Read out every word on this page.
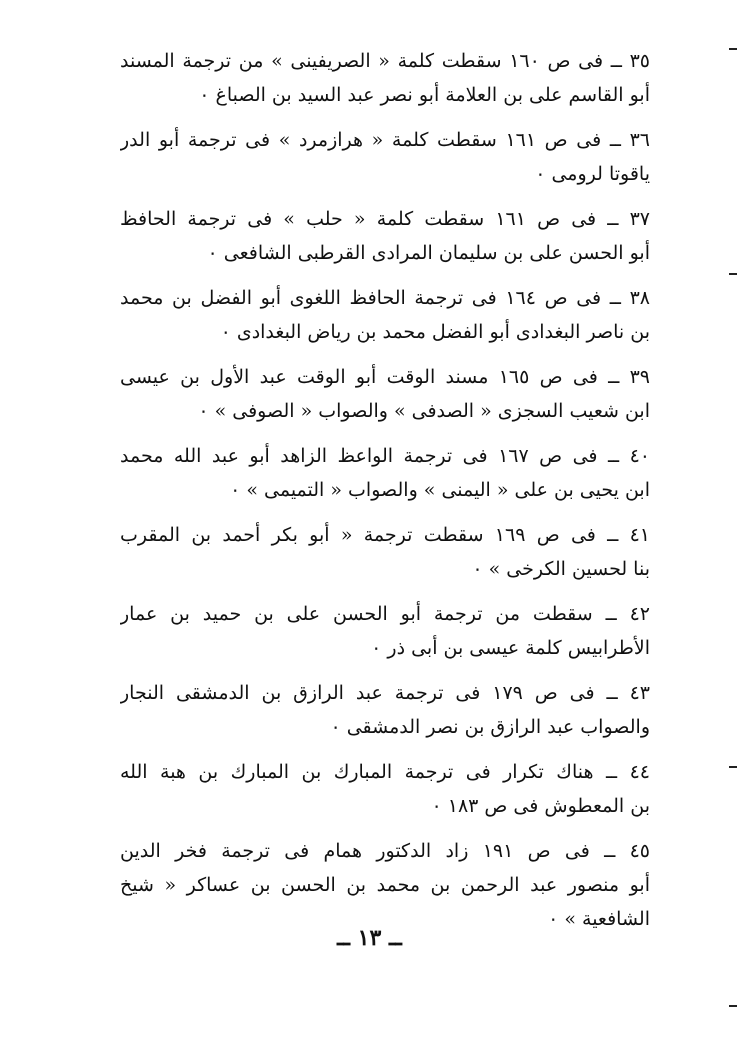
٣٥ ــ فى ص ١٦٠ سقطت كلمة « الصريفينى » من ترجمة المسند
أبو القاسم على بن العلامة أبو نصر عبد السيد بن الصباغ ٠
٣٦ ــ فى ص ١٦١ سقطت كلمة « هرازمرد » فى ترجمة أبو الدر
ياقوتا لرومى ٠
٣٧ ــ فى ص ١٦١ سقطت كلمة « حلب » فى ترجمة الحافظ
أبو الحسن على بن سليمان المرادى القرطبى الشافعى ٠
٣٨ ــ فى ص ١٦٤ فى ترجمة الحافظ اللغوى أبو الفضل بن محمد
بن ناصر البغدادى أبو الفضل محمد بن رياض البغدادى ٠
٣٩ ــ فى ص ١٦٥ مسند الوقت أبو الوقت عبد الأول بن عيسى
ابن شعيب السجزى « الصدفى » والصواب « الصوفى » ٠
٤٠ ــ فى ص ١٦٧ فى ترجمة الواعظ الزاهد أبو عبد الله محمد
ابن يحيى بن على « اليمنى » والصواب « التميمى » ٠
٤١ ــ فى ص ١٦٩ سقطت ترجمة « أبو بكر أحمد بن المقرب
بنا لحسين الكرخى » ٠
٤٢ ــ سقطت من ترجمة أبو الحسن على بن حميد بن عمار
الأطرابيس كلمة عيسى بن أبى ذر ٠
٤٣ ــ فى ص ١٧٩ فى ترجمة عبد الرازق بن الدمشقى النجار
والصواب عبد الرازق بن نصر الدمشقى ٠
٤٤ ــ هناك تكرار فى ترجمة المبارك بن المبارك بن هبة الله
بن المعطوش فى ص ١٨٣ ٠
٤٥ ــ فى ص ١٩١ زاد الدكتور همام فى ترجمة فخر الدين
أبو منصور عبد الرحمن بن محمد بن الحسن بن عساكر « شيخ
الشافعية » ٠
ــ ١٣ ــ
